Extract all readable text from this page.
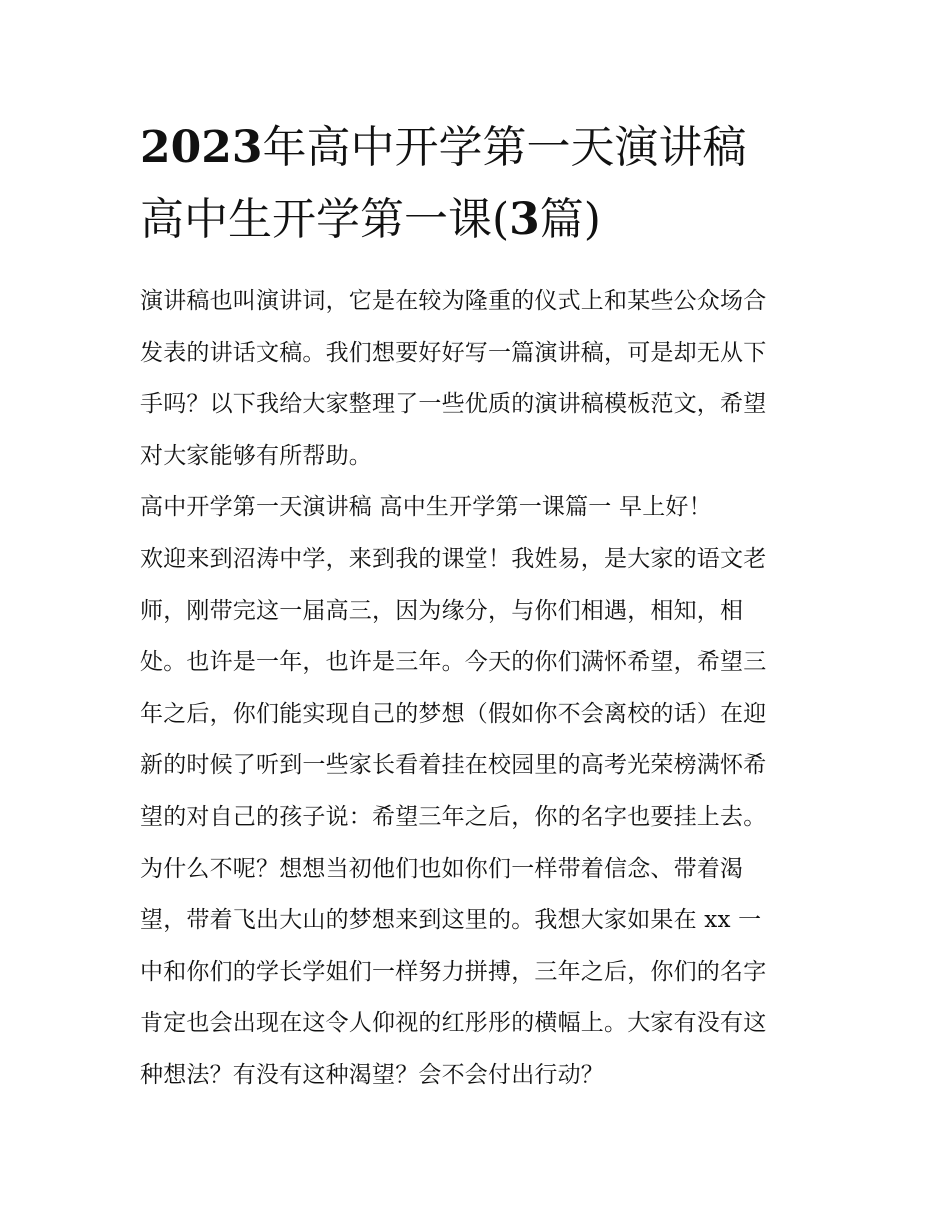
2023年高中开学第一天演讲稿
高中生开学第一课(3篇)
演讲稿也叫演讲词，它是在较为隆重的仪式上和某些公众场合
发表的讲话文稿。我们想要好好写一篇演讲稿，可是却无从下
手吗？以下我给大家整理了一些优质的演讲稿模板范文，希望
对大家能够有所帮助。
高中开学第一天演讲稿 高中生开学第一课篇一 早上好！
欢迎来到沼涛中学，来到我的课堂！我姓易，是大家的语文老
师，刚带完这一届高三，因为缘分，与你们相遇，相知，相
处。也许是一年，也许是三年。今天的你们满怀希望，希望三
年之后，你们能实现自己的梦想（假如你不会离校的话）在迎
新的时候了听到一些家长看着挂在校园里的高考光荣榜满怀希
望的对自己的孩子说：希望三年之后，你的名字也要挂上去。
为什么不呢？想想当初他们也如你们一样带着信念、带着渴
望，带着飞出大山的梦想来到这里的。我想大家如果在 xx 一
中和你们的学长学姐们一样努力拼搏，三年之后，你们的名字
肯定也会出现在这令人仰视的红彤彤的横幅上。大家有没有这
种想法？有没有这种渴望？会不会付出行动？
